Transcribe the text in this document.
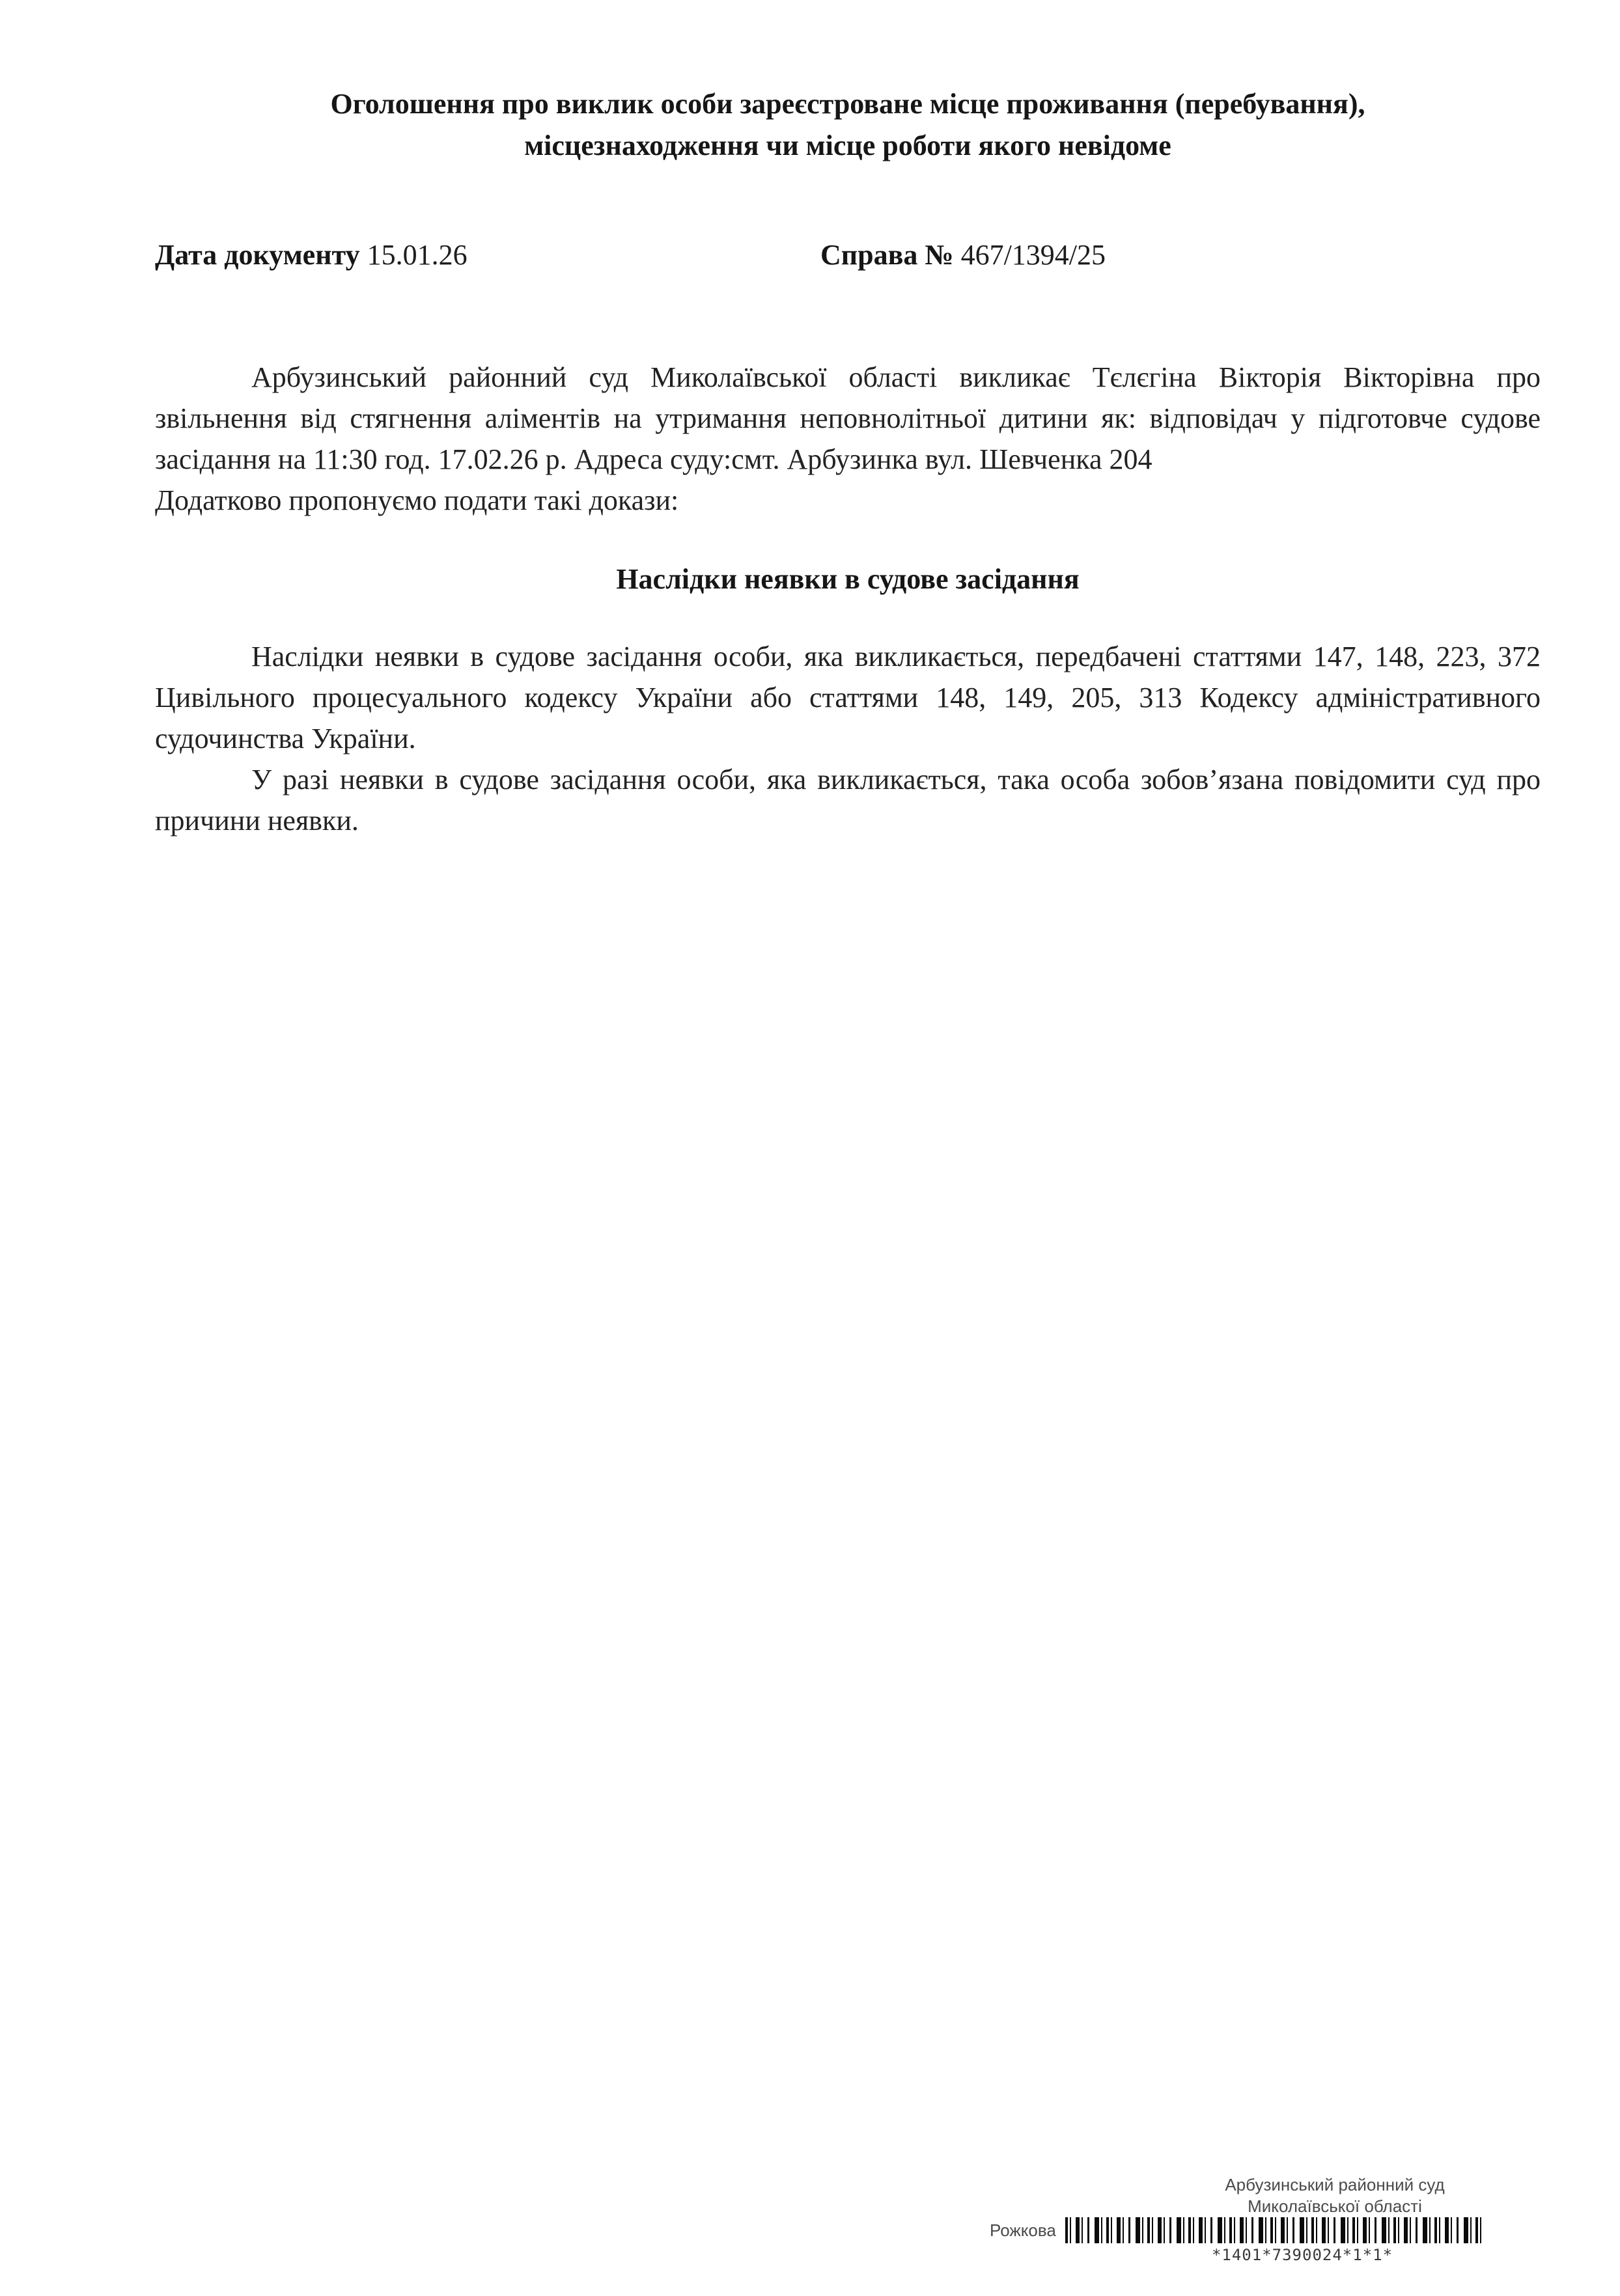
Оголошення про виклик особи зареєстроване місце проживання (перебування),
місцезнаходження чи місце роботи якого невідоме
Дата документу 15.01.26	Справа № 467/1394/25

Арбузинський районний суд Миколаївської області викликає Тєлєгіна Вікторія Вікторівна про звільнення від стягнення аліментів на утримання неповнолітньої дитини як: відповідач у підготовче судове засідання на 11:30 год. 17.02.26 р. Адреса суду:смт. Арбузинка вул. Шевченка 204

Додатково пропонуємо подати такі докази:
Наслідки неявки в судове засідання

Наслідки неявки в судове засідання особи, яка викликається, передбачені статтями 147, 148, 223, 372 Цивільного процесуального кодексу України або статтями 148, 149, 205, 313 Кодексу адміністративного судочинства України.

У разі неявки в судове засідання особи, яка викликається, така особа зобов’язана повідомити суд про причини неявки.

Арбузинський районний суд
Миколаївської області
Рожкова
*1401*7390024*1*1*
